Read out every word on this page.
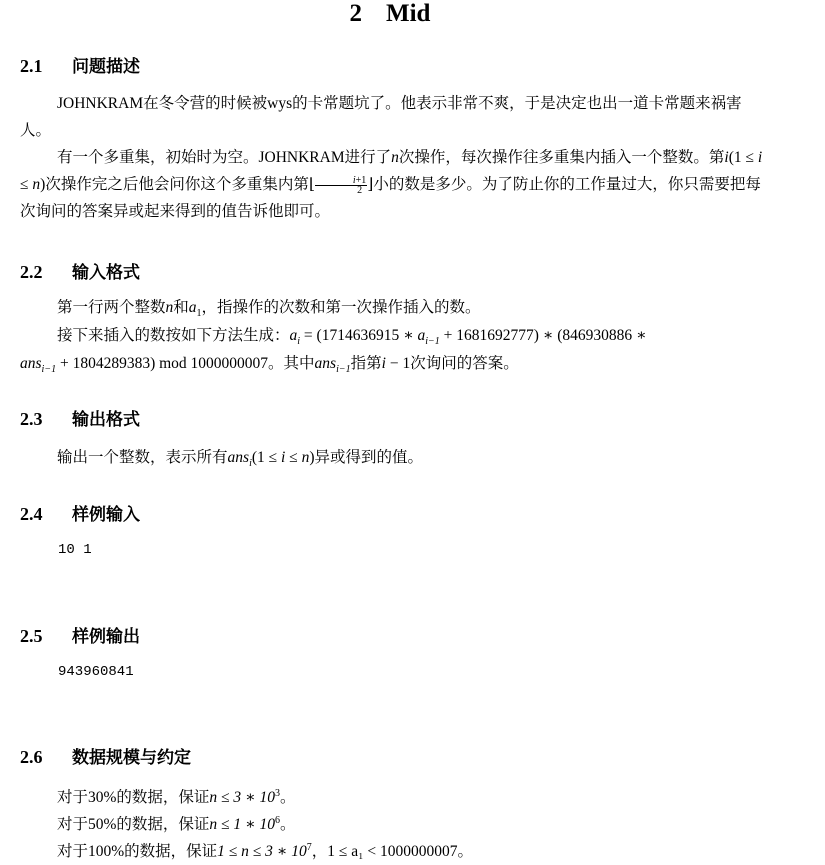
2 Mid
2.1 问题描述
JOHNKRAM在冬令营的时候被wys的卡常题坑了。他表示非常不爽，于是决定也出一道卡常题来祸害人。
有一个多重集，初始时为空。JOHNKRAM进行了n次操作，每次操作往多重集内插入一个整数。第i(1 ≤ i ≤ n)次操作完之后他会问你这个多重集内第⌊ $\frac{i+1}{2}$ ⌋小的数是多少。为了防止你的工作量过大，你只需要把每次询问的答案异或起来得到的值告诉他即可。
2.2 输入格式
第一行两个整数n和$a_1$，指操作的次数和第一次操作插入的数。
接下来插入的数按如下方法生成：$a_i = (1714636915$ ∗ $a_{i-1} + 1681692777$) ∗ (846930886 ∗
ans$_{i-1}$ + 1804289383) mod 1000000007。其中ans$_{i-1}$指第i − 1次询问的答案。
2.3 输出格式
输出一个整数，表示所有ans$_i$(1 ≤ i ≤ n)异或得到的值。
2.4 样例输入
10 1
2.5 样例输出
943960841
2.6 数据规模与约定
对于30%的数据，保证n ≤ 3 ∗ $10^3$。
对于50%的数据，保证n ≤ 1 ∗ $10^6$。
对于100%的数据，保证1 ≤ n ≤ 3 ∗ $10^7$，1 ≤ a₁ < 1000000007。
